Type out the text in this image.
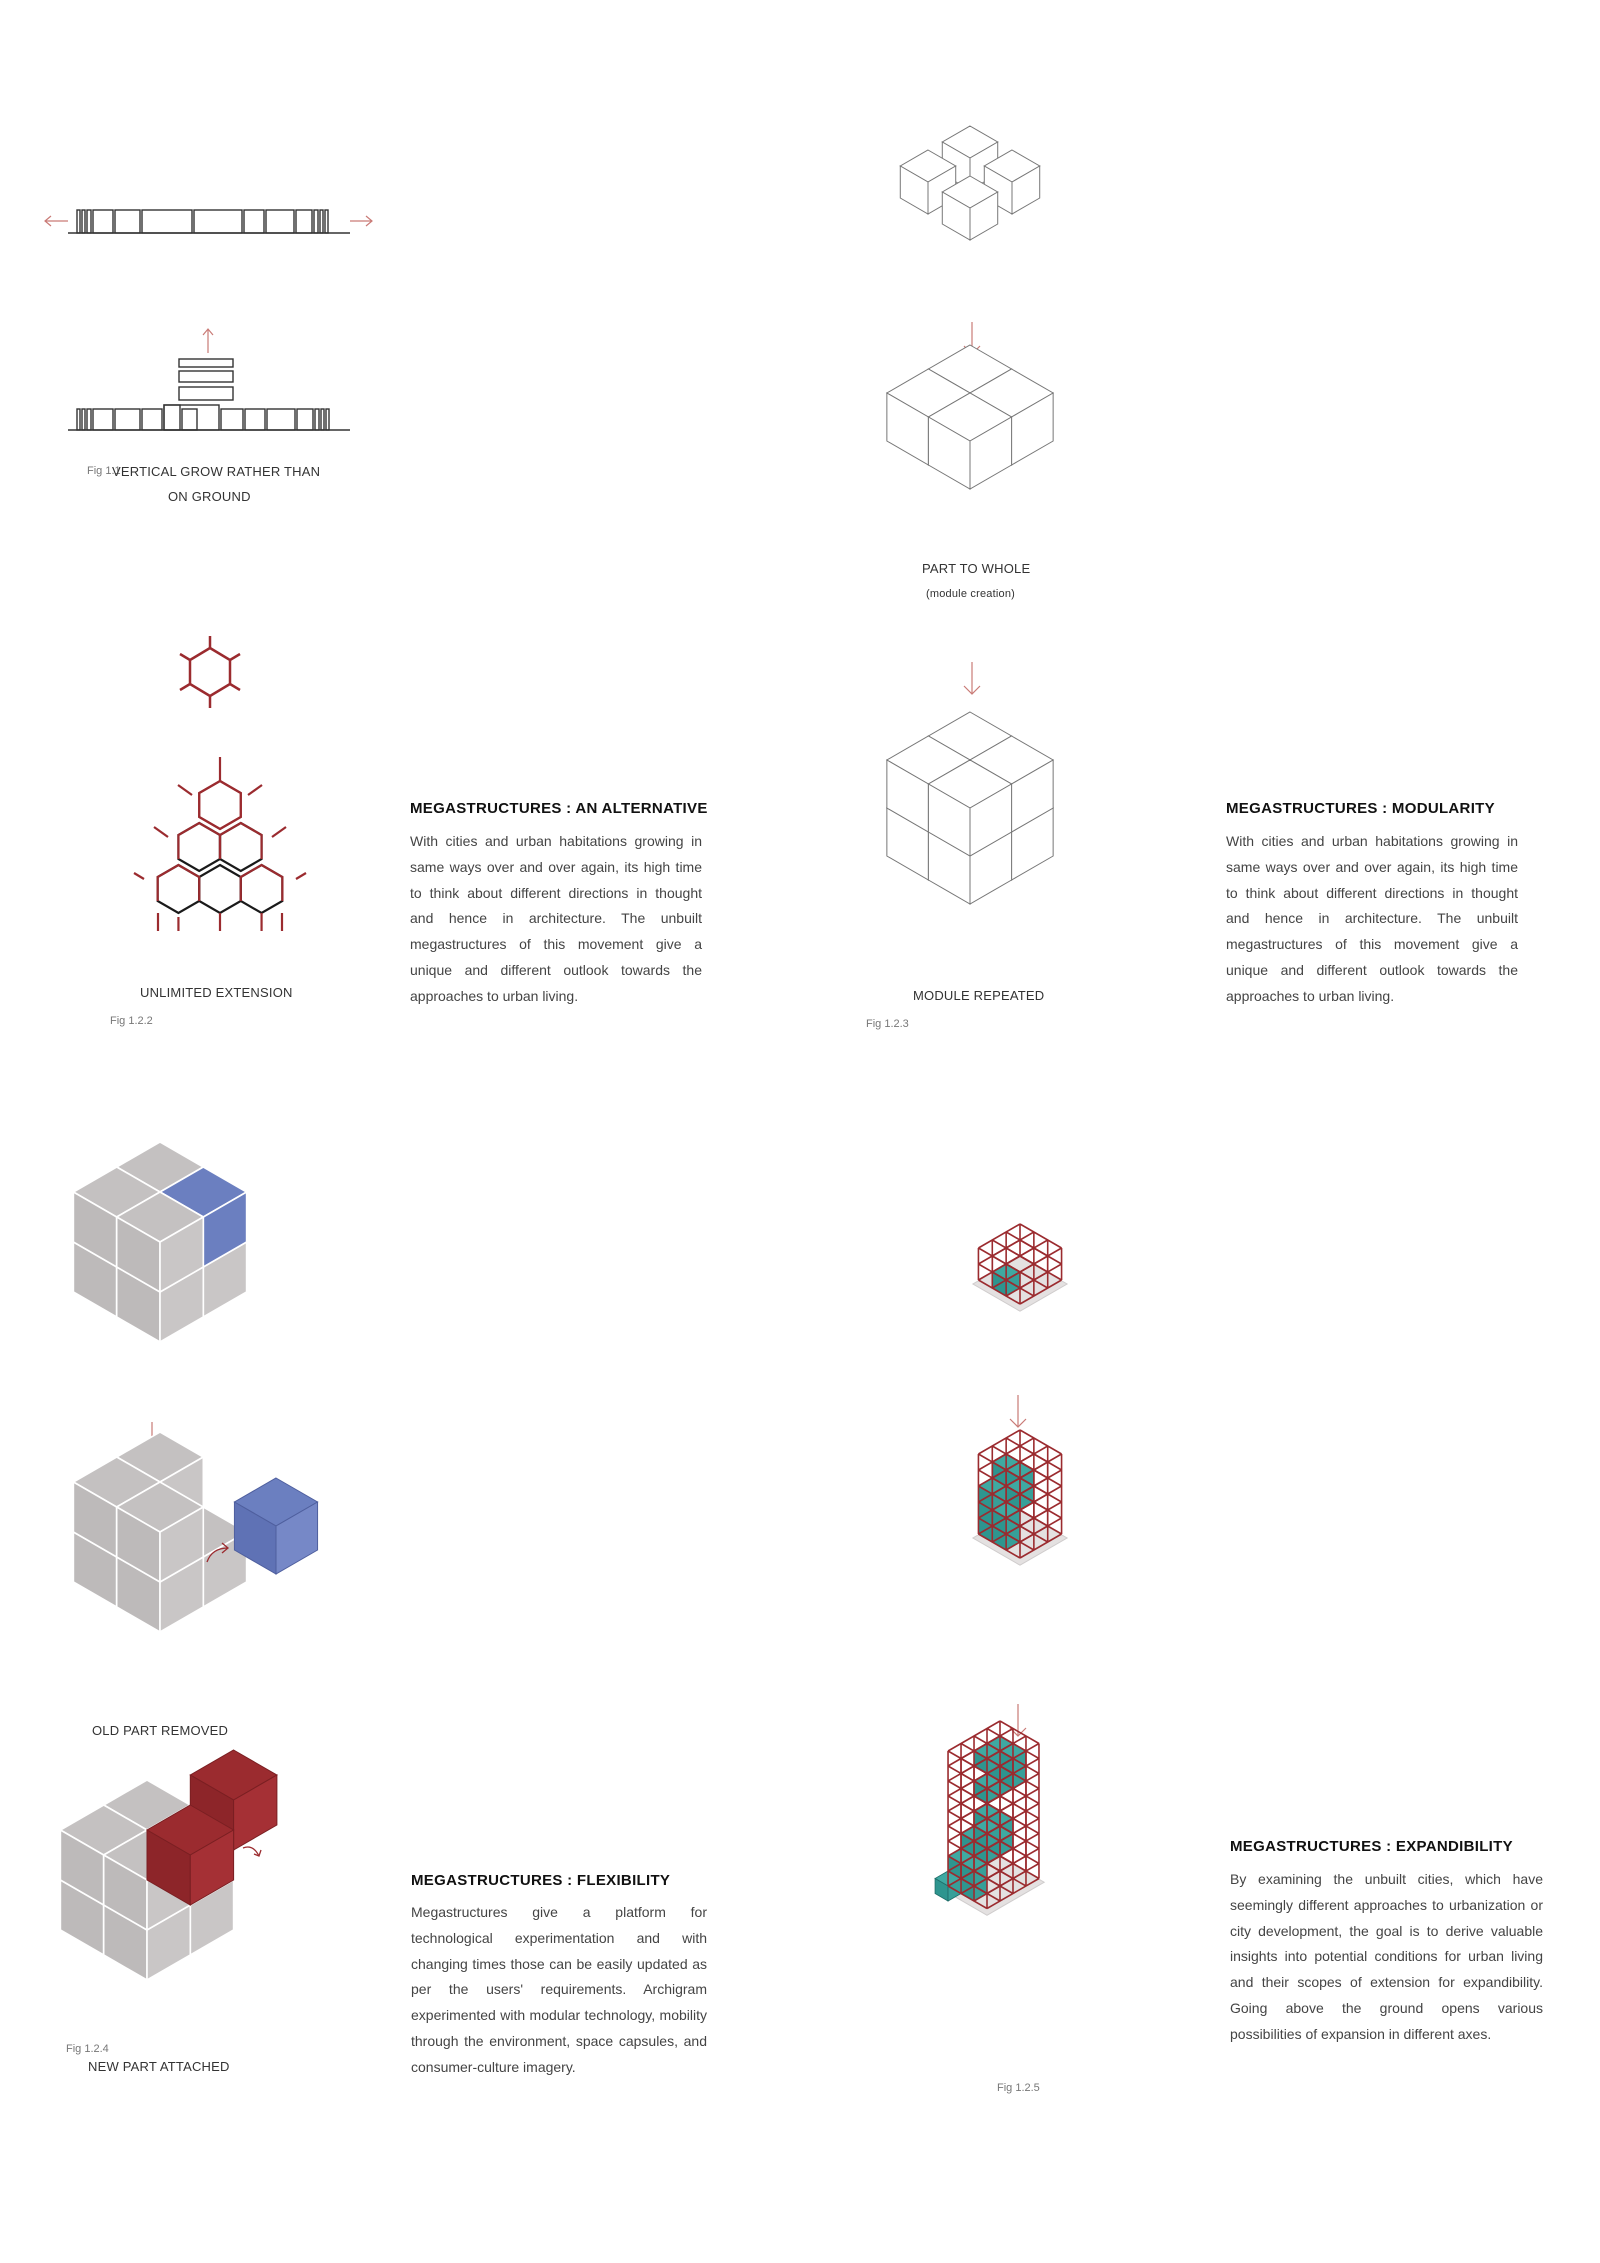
Fig 1.1
VERTICAL GROW RATHER THAN
ON GROUND
UNLIMITED EXTENSION
Fig 1.2.2
MEGASTRUCTURES : AN ALTERNATIVE
With cities and urban habitations growing in same ways over and over again, its high time to think about different directions in thought and hence in architecture. The unbuilt megastructures of this movement give a unique and different outlook towards the approaches to urban living.
PART TO WHOLE
(module creation)
MODULE REPEATED
Fig 1.2.3
MEGASTRUCTURES : MODULARITY
With cities and urban habitations growing in same ways over and over again, its high time to think about different directions in thought and hence in architecture. The unbuilt megastructures of this movement give a unique and different outlook towards the approaches to urban living.
OLD PART REMOVED
Fig 1.2.4
NEW PART ATTACHED
MEGASTRUCTURES : FLEXIBILITY
Megastructures give a platform for technological experimentation and with changing times those can be easily updated as per the users' requirements. Archigram experimented with modular technology, mobility through the environment, space capsules, and consumer-culture imagery.
Fig 1.2.5
MEGASTRUCTURES : EXPANDIBILITY
By examining the unbuilt cities, which have seemingly different approaches to urbanization or city development, the goal is to derive valuable insights into potential conditions for urban living and their scopes of extension for expandibility. Going above the ground opens various possibilities of expansion in different axes.
